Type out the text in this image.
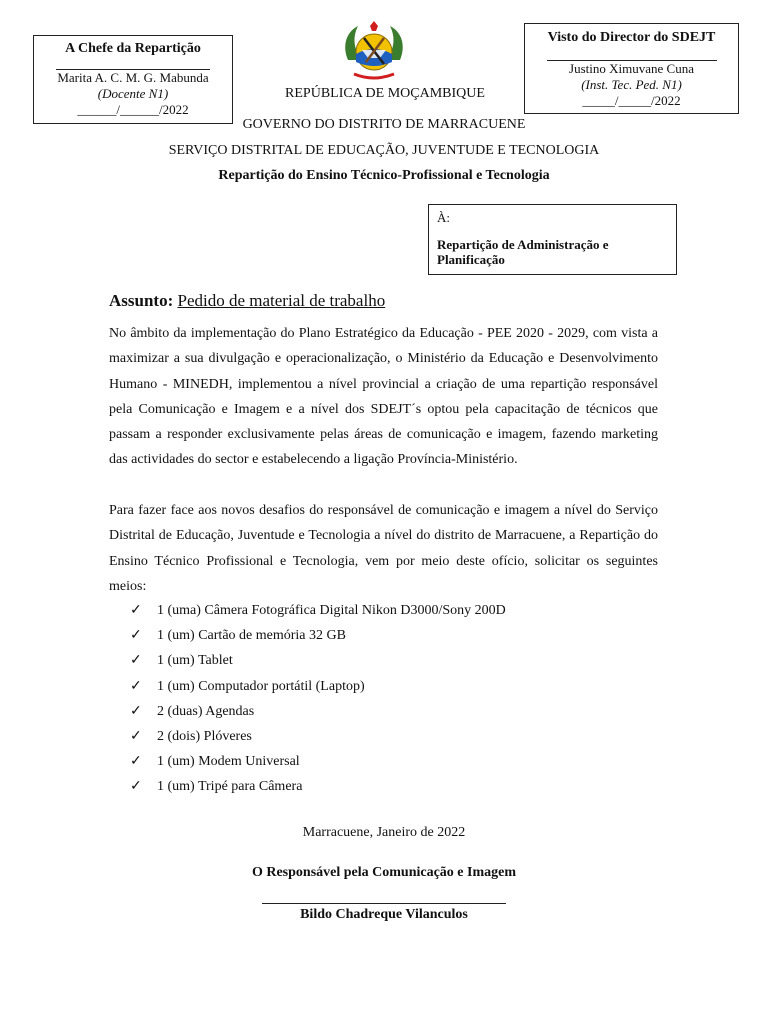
A Chefe da Repartição
Marita A. C. M. G. Mabunda
(Docente N1)
______/______/2022
Visto do Director do SDEJT
Justino Ximuvane Cuna
(Inst. Tec. Ped. N1)
_____/_____/2022
REPÚBLICA DE MOÇAMBIQUE
GOVERNO DO DISTRITO DE MARRACUENE
SERVIÇO DISTRITAL DE EDUCAÇÃO, JUVENTUDE E TECNOLOGIA
Repartição do Ensino Técnico-Profissional e Tecnologia
À:
Repartição de Administração e Planificação
Assunto: Pedido de material de trabalho
No âmbito da implementação do Plano Estratégico da Educação - PEE 2020 - 2029, com vista a maximizar a sua divulgação e operacionalização, o Ministério da Educação e Desenvolvimento Humano - MINEDH, implementou a nível provincial a criação de uma repartição responsável pela Comunicação e Imagem e a nível dos SDEJT´s optou pela capacitação de técnicos que passam a responder exclusivamente pelas áreas de comunicação e imagem, fazendo marketing das actividades do sector e estabelecendo a ligação Província-Ministério.
Para fazer face aos novos desafios do responsável de comunicação e imagem a nível do Serviço Distrital de Educação, Juventude e Tecnologia a nível do distrito de Marracuene, a Repartição do Ensino Técnico Profissional e Tecnologia, vem por meio deste ofício, solicitar os seguintes meios:
✓ 1 (uma) Câmera Fotográfica Digital Nikon D3000/Sony 200D
✓ 1 (um) Cartão de memória 32 GB
✓ 1 (um) Tablet
✓ 1 (um) Computador portátil (Laptop)
✓ 2 (duas) Agendas
✓ 2 (dois) Plóveres
✓ 1 (um) Modem Universal
✓ 1 (um) Tripé para Câmera
Marracuene, Janeiro de 2022
O Responsável pela Comunicação e Imagem
Bildo Chadreque Vilanculos
